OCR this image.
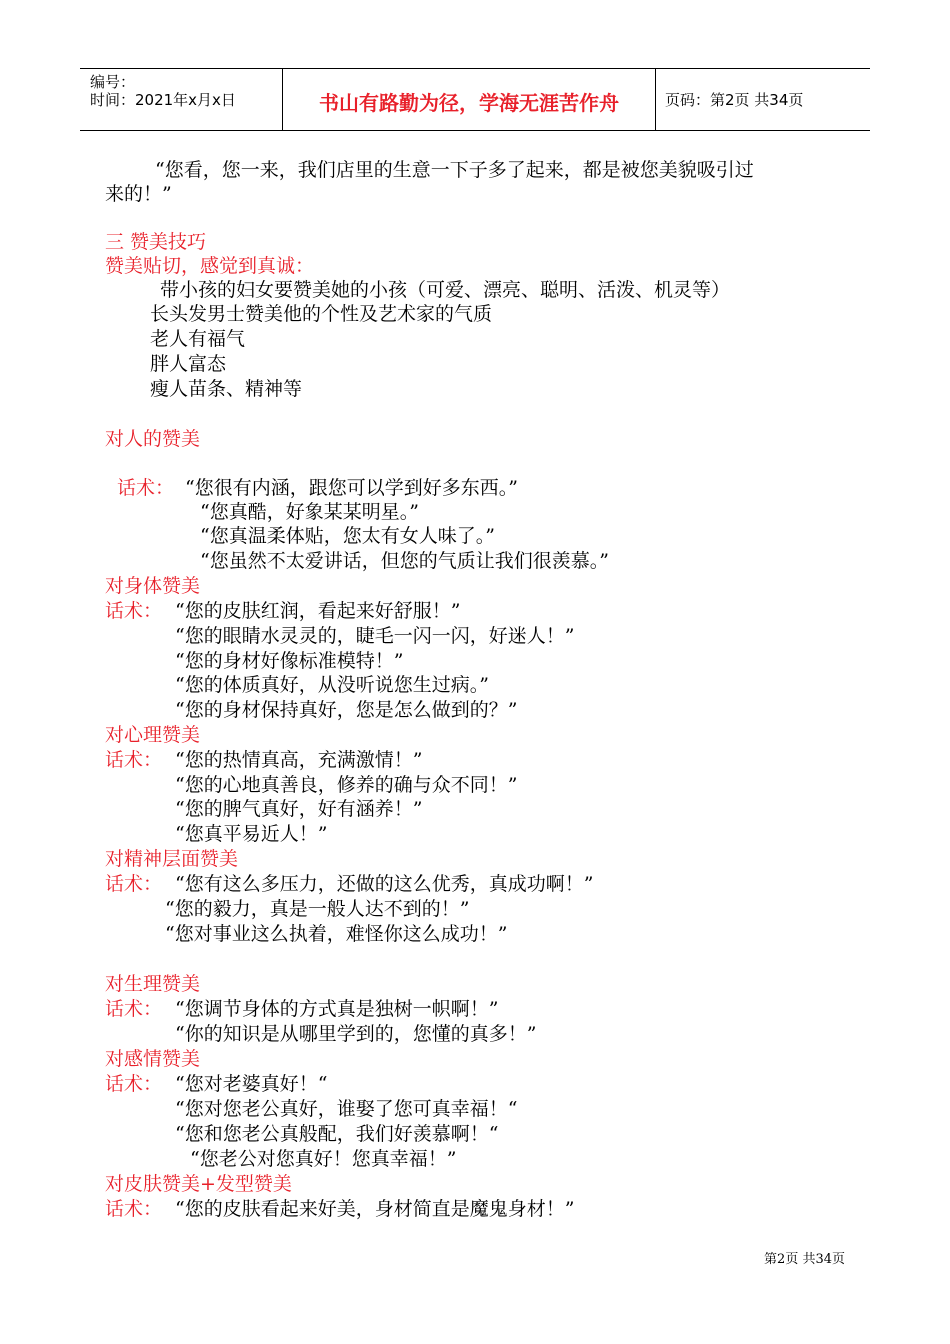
编号：
时间：2021年x月x日	书山有路勤为径，学海无涯苦作舟	页码：第2页 共34页
“您看，您一来，我们店里的生意一下子多了起来，都是被您美貌吸引过
来的！”
三 赞美技巧
赞美贴切，感觉到真诚：
带小孩的妇女要赞美她的小孩（可爱、漂亮、聪明、活泼、机灵等）
长头发男士赞美他的个性及艺术家的气质
老人有福气
胖人富态
瘦人苗条、精神等
对人的赞美
话术： “您很有内涵，跟您可以学到好多东西。”
“您真酷，好象某某明星。”
“您真温柔体贴，您太有女人味了。”
“您虽然不太爱讲话，但您的气质让我们很羡慕。”
对身体赞美
话术： “您的皮肤红润，看起来好舒服！”
“您的眼睛水灵灵的，睫毛一闪一闪，好迷人！”
“您的身材好像标准模特！”
“您的体质真好，从没听说您生过病。”
“您的身材保持真好，您是怎么做到的？”
对心理赞美
话术： “您的热情真高，充满激情！”
“您的心地真善良，修养的确与众不同！”
“您的脾气真好，好有涵养！”
“您真平易近人！”
对精神层面赞美
话术： “您有这么多压力，还做的这么优秀，真成功啊！”
“您的毅力，真是一般人达不到的！”
“您对事业这么执着，难怪你这么成功！”
对生理赞美
话术： “您调节身体的方式真是独树一帜啊！”
“你的知识是从哪里学到的，您懂的真多！”
对感情赞美
话术： “您对老婆真好！“
“您对您老公真好，谁娶了您可真幸福！“
“您和您老公真般配，我们好羡慕啊！“
“您老公对您真好！您真幸福！”
对皮肤赞美+发型赞美
话术： “您的皮肤看起来好美，身材简直是魔鬼身材！”
第2页 共34页
